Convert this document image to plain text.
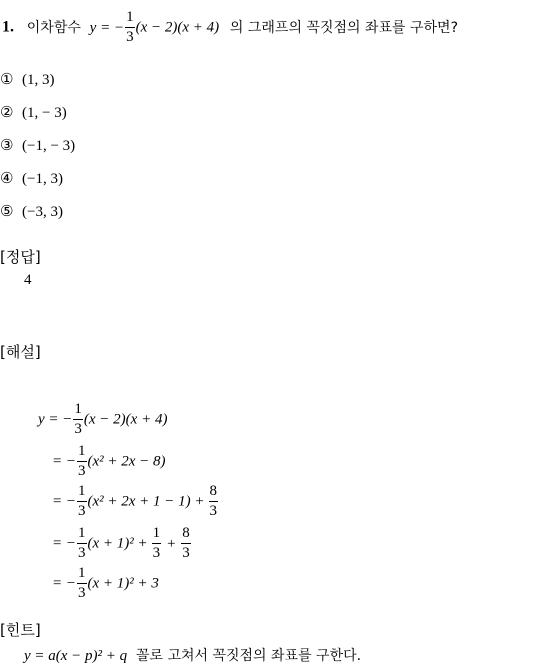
1. 이차함수 y = − $\frac{1}{3} (x - 2)(x + 4)$ 의 그래프의 꼭짓점의 좌표를 구하면?
① (1, 3)
② (1, − 3)
③ (−1, − 3)
④ (−1, 3)
⑤ (−3, 3)
[정답]
4
[해설]
y = − $\frac{1}{3} (x - 2)(x + 4)$
= − $\frac{1}{3} (x^2 + 2x - 8)$
= − $\frac{1}{3} (x^2 + 2x + 1 - 1) + \frac{8}{3}$
= − $\frac{1}{3} (x + 1)^2 + \frac{1}{3} + \frac{8}{3}$
= − $\frac{1}{3} (x + 1)^2 + 3$
[힌트]
y = a(x − p)² + q 꼴로 고쳐서 꼭짓점의 좌표를 구한다.
